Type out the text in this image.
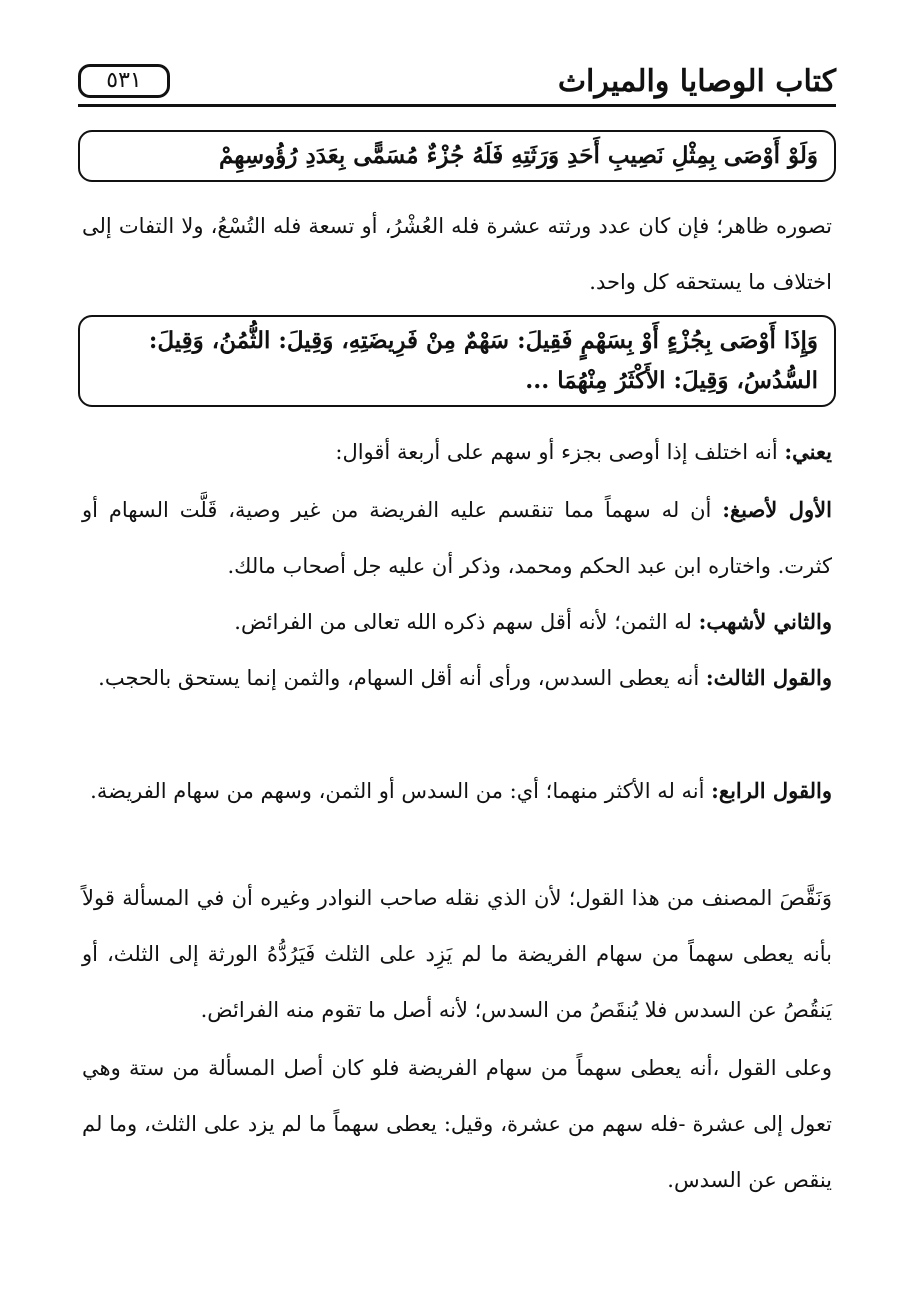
كتاب الوصايا والميراث
٥٣١
وَلَوْ أَوْصَى بِمِثْلِ نَصِيبِ أَحَدِ وَرَثَتِهِ فَلَهُ جُزْءٌ مُسَمًّى بِعَدَدِ رُؤُوسِهِمْ
تصوره ظاهر؛ فإن كان عدد ورثته عشرة فله العُشْرُ، أو تسعة فله التُسْعُ، ولا التفات إلى اختلاف ما يستحقه كل واحد.
وَإِذَا أَوْصَى بِجُزْءٍ أَوْ بِسَهْمٍ فَقِيلَ: سَهْمٌ مِنْ فَرِيضَتِهِ، وَقِيلَ: الثُّمُنُ، وَقِيلَ: السُّدُسُ، وَقِيلَ: الأَكْثَرُ مِنْهُمَا ...
يعني: أنه اختلف إذا أوصى بجزء أو سهم على أربعة أقوال:
الأول لأصبغ: أن له سهماً مما تنقسم عليه الفريضة من غير وصية، قَلَّت السهام أو كثرت. واختاره ابن عبد الحكم ومحمد، وذكر أن عليه جل أصحاب مالك.
والثاني لأشهب: له الثمن؛ لأنه أقل سهم ذكره الله تعالى من الفرائض.
والقول الثالث: أنه يعطى السدس، ورأى أنه أقل السهام، والثمن إنما يستحق بالحجب.
والقول الرابع: أنه له الأكثر منهما؛ أي: من السدس أو الثمن، وسهم من سهام الفريضة.
وَنَقَّصَ المصنف من هذا القول؛ لأن الذي نقله صاحب النوادر وغيره أن في المسألة قولاً بأنه يعطى سهماً من سهام الفريضة ما لم يَزِد على الثلث فَيَرُدُّهُ الورثة إلى الثلث، أو يَنقُصُ عن السدس فلا يُنقَصُ من السدس؛ لأنه أصل ما تقوم منه الفرائض.
وعلى القول ،أنه يعطى سهماً من سهام الفريضة فلو كان أصل المسألة من ستة وهي تعول إلى عشرة -فله سهم من عشرة، وقيل: يعطى سهماً ما لم يزد على الثلث، وما لم ينقص عن السدس.
